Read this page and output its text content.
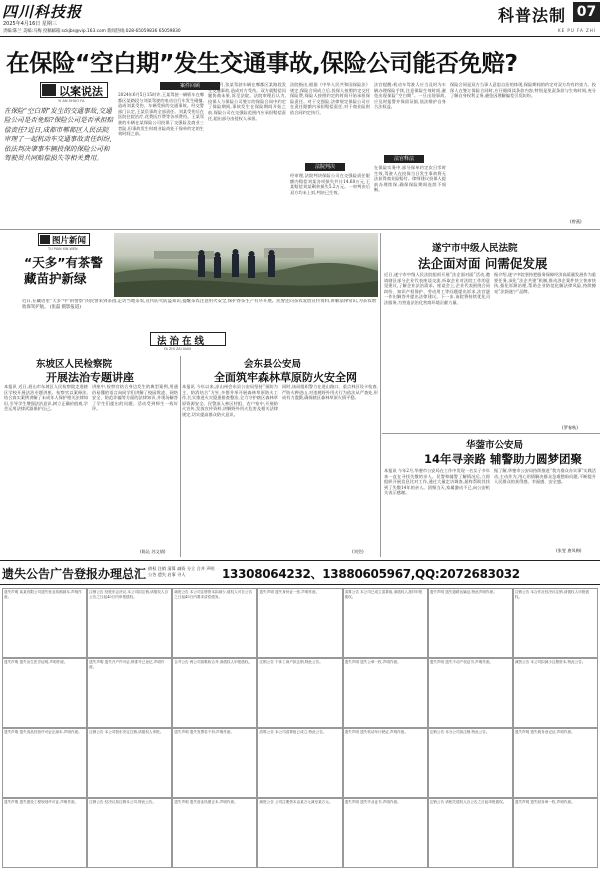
四川科技报
2025年4月16日 星期三
责编:陈兰 美编:马梅 投稿邮箱:sckjbs@vip.163.com 新闻热线:028-65059836 65059830
科普法制 07
KE PU FA ZHI
在保险“空白期”发生交通事故,保险公司能否免赔?
以案说法
YI AN SHUO FA
在保险“空白期”发生的交通事故,交通险公司是否免赔?保险公司是否承担赔偿责任?近日,成都市郫都区人民法院审理了一起机动车交通事故责任纠纷,依法判决肇事车辆投保的保险公司和驾驶员共同赔偿损失等相关费用。
案件回顾
2024年6月5日15时许,王某驾驶一辆轿车在郫都区某路段与刘某驾驶的电动自行车发生碰撞,造成刘某受伤、车辆受损的交通事故。经交警部门认定,王某负事故全部责任。刘某受伤后在医院住院治疗,花费医疗费等各项费用。王某驾驶的车辆在某保险公司投保了交强险及商业三者险,但事故发生时商业险尚处于保单约定的生效时间之前。
今年1月,张某驾驶车辆在郫都区某路段发生交通事故,造成对方受伤。双方就赔偿问题协商未果,诉至法院。法院审理后认为,投保人与保险公司签订的保险合同中约定了保险期间,事故发生在保险期间开始之前,保险公司在交强险范围内应承担赔偿责任,超出部分由侵权人承担。
法院指出,根据《中华人民共和国保险法》规定,保险合同成立后,投保人按照约定交付保险费,保险人按照约定的时间开始承担保险责任。对于交强险,法律规定保险公司应在责任限额内承担赔偿责任,对于商业险则依合同约定执行。
法院判决
经审理,法院判决保险公司在交强险责任限额内赔偿刘某各项损失共计14.68万元,王某赔偿刘某剩余损失5.2万元。一审判决后双方均未上诉,判决已生效。
法官提醒:机动车驾驶人应当及时为车辆办理保险手续,注意保险生效时间,避免出现保险“空白期”。一旦出现事故,应及时报警并保留证据,依法维护自身合法权益。
法官释法
在保险实务中,部分保单约定次日零时生效,驾驶人在投保当日发生事故将无法获得商业险赔付。律师建议投保人提前办理续保,确保保险期间连续不间断。
保险合同是双方当事人意思自治的体现,保险期间的约定对双方均有约束力。投保人在签订保险合同时,应仔细阅读条款内容,特别是免责条款与生效时间,充分了解自身权利义务,避免因理解偏差引发纠纷。
(曾燕)
图片新闻
TU PIAN XIN WEN
“天多”有茶警 藏苗护新绿
近日,在藏语里“天多”中“的警察”的民警来到茶园,走访当地茶农,宣传防火防盗知识,提醒茶农注意用火安全,保护春茶生产有序开展。民警还向茶农发放宣传资料,讲解法律常识,为茶农增收保驾护航。 (张磊 摄影报道)
法治在线
FA ZHI ZAI XIAN
遂宁市中级人民法院
法企面对面 问需促发展
近日,遂宁市中级人民法院组织开展“法企面对面”活动,邀请辖区部分企业代表座谈交流,听取企业对法院工作的意见建议,了解企业法治需求。座谈会上,企业代表围绕合同纠纷、知识产权保护、劳动用工等问题提出诉求,法官逐一作出解答并提出法律建议。下一步,该院将持续优化司法服务,为营造法治化营商环境贡献力量。
据介绍,遂宁中院坚持把服务保障经济高质量发展作为重要任务,深化“法企共建”机制,推动涉企案件快立快审快执,强化诉源治理,帮助企业防范化解法律风险,持续擦亮“法润遂宁”品牌。
(罗春秋)
华蓥市公安局
14年寻亲路 辅警助力圆梦团聚
本报讯 今年2月,华蓥市公安局在工作中发现一名女子多年来一直在寻找失散的亲人。民警和辅警了解情况后,立即组织开展信息比对工作,通过大量走访调查,最终帮助其找到了失散14年的亲人。团聚当天,家属激动不已,向公安机关表示感谢。
据了解,华蓥市公安局持续推进“我为群众办实事”实践活动,主动作为,用心用情解决群众急难愁盼问题,不断提升人民群众的获得感、幸福感、安全感。
(张雯 唐凤梅)
东坡区人民检察院
开展法治专题讲座
本报讯 近日,眉山市东坡区人民检察院走进辖区学校开展法治专题讲座。检察官以案释法,结合真实案例讲解了未成年人保护相关法律知识,引导学生增强法治意识,树立正确价值观,学会运用法律武器保护自己。
讲座中,检察官结合身边发生的典型案例,用通俗易懂的语言向同学们讲解了校园欺凌、网络安全、防范诈骗等方面的法律知识,并现场解答了学生们提出的问题。活动受到师生一致好评。
(陈沁 苏文倩)
会东县公安局
全面筑牢森林草原防火安全网
本报讯 今年以来,凉山州会东县公安局坚持“预防为主、防消结合”方针,多措并举开展森林草原防火工作,扎实推进火灾隐患排查整治,全力守护辖区森林草原资源安全。民警深入林区村组、农户家中,开展防火宣传,发放宣传资料,讲解野外用火危害及相关法律规定,切实提高群众防火意识。
同时,该局组织警力在进山路口、重点林区设卡检查,严防火种进山,对违规野外用火行为依法从严查处,形成有力震慑,确保辖区森林草原火情平稳。
(刘会)
遗失公告广告登报办理总汇 债权 注销 清算 减资 分立 合并 声明 公告 遗失 启事 寻人	13308064232、13880605967,QQ:2072683032
遗失声明 某某有限公司遗失营业执照副本,声明作废。
注销公告 经股东会决议,本公司拟注销,请债权人自公告之日起45日内申报债权。
减资公告 本公司注册资本拟减少,债权人可自公告之日起45日内要求清偿债务。
遗失声明 遗失身份证一张,声明作废。	清算公告 本公司已成立清算组,请债权人及时申报债权。
遗失声明 遗失道路运输证,特此声明作废。	注销公告 本合作社经决议注销,请债权人申报债权。
遗失声明 遗失出生医学证明,声明作废。	遗失声明 遗失开户许可证,核准号已登记,声明作废。
合并公告 两公司拟吸收合并,请债权人申报债权。	注销公告 个体工商户拟注销,特此公告。	遗失声明 遗失公章一枚,声明作废。	遗失声明 遗失不动产权证书,声明作废。	减资公告 本公司拟减少注册资本,特此公告。
遗失声明 遗失食品经营许可证正副本,声明作废。	注销公告 本公司股东决定注销,请债权人申报。	遗失声明 遗失发票若干份,声明作废。	清算公告 本公司清算组已成立,特此公告。	遗失声明 遗失机动车行驶证,声明作废。	注销公告 本分公司拟注销,特此公告。	遗失声明 遗失税务登记证,声明作废。
遗失声明 遗失建设工程规划许可证,声明作废。	注销公告 经决议拟注销本公司,特此公告。	遗失声明 遗失营业执照正本,声明作废。	减资公告 公司注册资本由某万元减至某万元。	遗失声明 遗失毕业证书,声明作废。	注销公告 请相关债权人自公告之日起申报债权。	遗失声明 遗失财务章一枚,声明作废。
